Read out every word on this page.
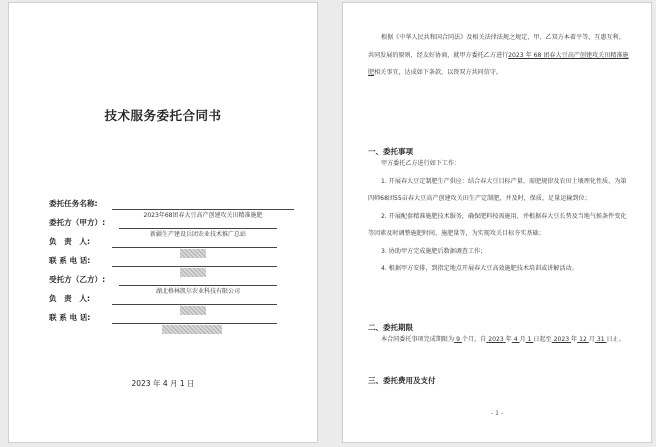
技术服务委托合同书
委托任务名称:
2023年68团春大豆高产创建攻关田精准施肥
委托方（甲方）:
新疆生产建设兵团农业技术推广总站
负　责　人:
联 系 电 话:
受托方（乙方）:
湖北格林凯尔农业科技有限公司
负　责　人:
联 系 电 话:
2023 年 4 月 1 日

根据《中华人民共和国合同法》及相关法律法规之规定，甲、乙双方本着平等、互惠互利、共同发展的原则，经友好协商，就甲方委托乙方进行2023 年 68 团春大豆高产创建攻关田精准施肥相关事宜，达成如下条款，以资双方共同信守。

一、委托事项

甲方委托乙方进行如下工作：

1. 开展春大豆定制肥生产供应：结合春大豆目标产量、需肥规律及农田土壤理化性质，为第四师68团55亩春大豆高产创建攻关田生产定制肥，并及时，保质、足量运输到位；

2. 开展配套精准施肥技术服务，确保肥料按需施用，并根据春大豆长势及当地气候条件变化等因素及时调整施肥时间、施肥量等，为实现攻关目标夯实基础；

3. 协助甲方完成施肥后数据调查工作；

4. 根据甲方安排，到指定地点开展春大豆高效施肥技术培训或讲解活动。

二、委托期限

本合同委托事项完成期限为 9 个月，自 2023 年 4 月 1 日起至 2023 年 12 月 31 日止。

三、委托费用及支付
- 1 -
